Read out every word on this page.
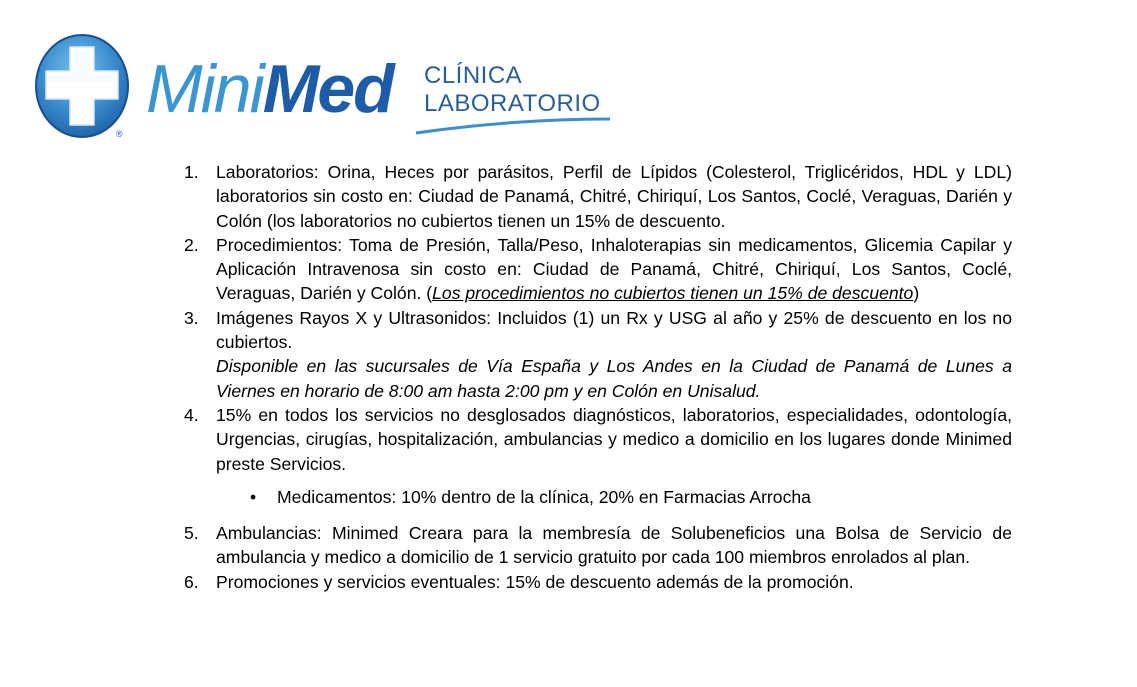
®
MiniMed CLÍNICA
LABORATORIO
1. Laboratorios: Orina, Heces por parásitos, Perfil de Lípidos (Colesterol, Triglicéridos, HDL y LDL) laboratorios sin costo en: Ciudad de Panamá, Chitré, Chiriquí, Los Santos, Coclé, Veraguas, Darién y Colón (los laboratorios no cubiertos tienen un 15% de descuento.
2. Procedimientos: Toma de Presión, Talla/Peso, Inhaloterapias sin medicamentos, Glicemia Capilar y Aplicación Intravenosa sin costo en: Ciudad de Panamá, Chitré, Chiriquí, Los Santos, Coclé, Veraguas, Darién y Colón. (Los procedimientos no cubiertos tienen un 15% de descuento)
3. Imágenes Rayos X y Ultrasonidos: Incluidos (1) un Rx y USG al año y 25% de descuento en los no cubiertos.
Disponible en las sucursales de Vía España y Los Andes en la Ciudad de Panamá de Lunes a Viernes en horario de 8:00 am hasta 2:00 pm y en Colón en Unisalud.
4. 15% en todos los servicios no desglosados diagnósticos, laboratorios, especialidades, odontología, Urgencias, cirugías, hospitalización, ambulancias y medico a domicilio en los lugares donde Minimed preste Servicios.
• Medicamentos: 10% dentro de la clínica, 20% en Farmacias Arrocha
5. Ambulancias: Minimed Creara para la membresía de Solubeneficios una Bolsa de Servicio de ambulancia y medico a domicilio de 1 servicio gratuito por cada 100 miembros enrolados al plan.
6. Promociones y servicios eventuales: 15% de descuento además de la promoción.
